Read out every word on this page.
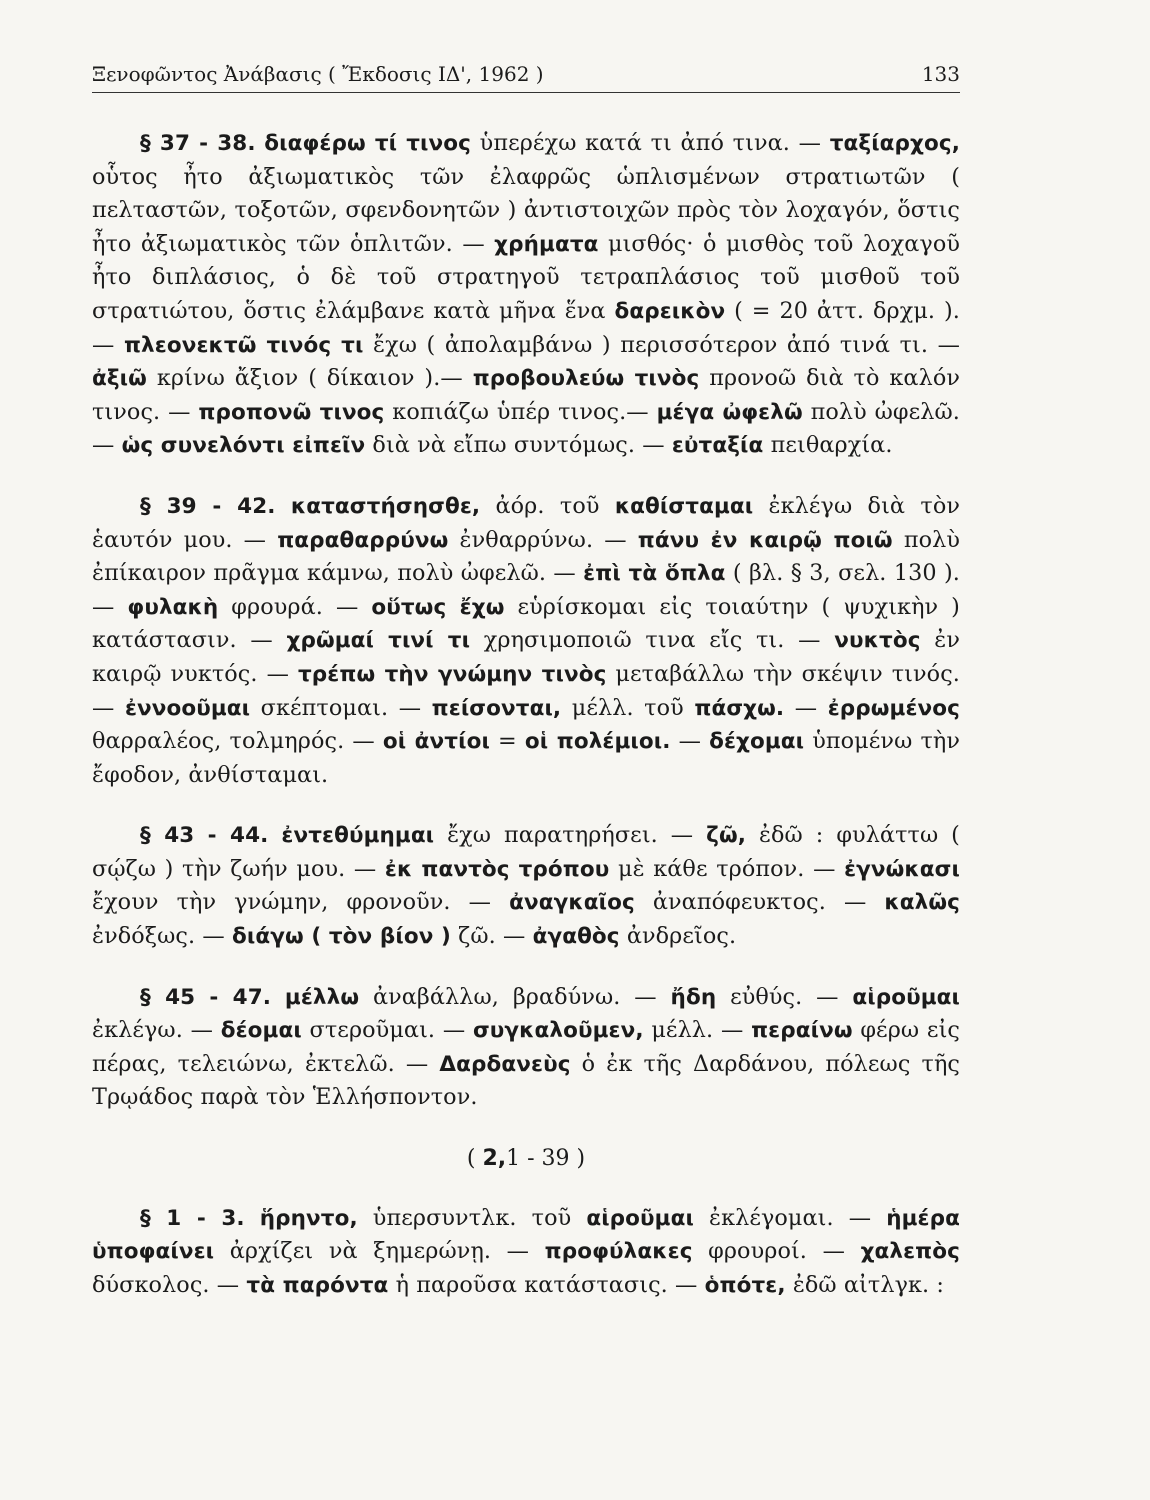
Ξενοφῶντος Ἀνάβασις ( Ἔκδοσις ΙΔ', 1962 )	133

§ 37 - 38. διαφέρω τί τινος ὑπερέχω κατά τι ἀπό τινα. — ταξίαρχος, οὗτος ἦτο ἀξιωματικὸς τῶν ἐλαφρῶς ὡπλισμένων στρατιωτῶν ( πελταστῶν, τοξοτῶν, σφενδονητῶν ) ἀντιστοιχῶν πρὸς τὸν λοχαγόν, ὅστις ἦτο ἀξιωματικὸς τῶν ὁπλιτῶν. — χρήματα μισθός· ὁ μισθὸς τοῦ λοχαγοῦ ἦτο διπλάσιος, ὁ δὲ τοῦ στρατηγοῦ τετραπλάσιος τοῦ μισθοῦ τοῦ στρατιώτου, ὅστις ἐλάμβανε κατὰ μῆνα ἕνα δαρεικὸν ( = 20 ἀττ. δρχμ. ). — πλεονεκτῶ τινός τι ἔχω ( ἀπολαμβάνω ) περισσότερον ἀπό τινά τι. — ἀξιῶ κρίνω ἄξιον ( δίκαιον ).— προβουλεύω τινὸς προνοῶ διὰ τὸ καλόν τινος. — προπονῶ τινος κοπιάζω ὑπέρ τινος.— μέγα ὠφελῶ πολὺ ὠφελῶ. — ὡς συνελόντι εἰπεῖν διὰ νὰ εἴπω συντόμως. — εὐταξία πειθαρχία.

§ 39 - 42. καταστήσησθε, ἀόρ. τοῦ καθίσταμαι ἐκλέγω διὰ τὸν ἑαυτόν μου. — παραθαρρύνω ἐνθαρρύνω. — πάνυ ἐν καιρῷ ποιῶ πολὺ ἐπίκαιρον πρᾶγμα κάμνω, πολὺ ὠφελῶ. — ἐπὶ τὰ ὅπλα ( βλ. § 3, σελ. 130 ). — φυλακὴ φρουρά. — οὕτως ἔχω εὑρίσκομαι εἰς τοιαύτην ( ψυχικὴν ) κατάστασιν. — χρῶμαί τινί τι χρησιμοποιῶ τινα εἴς τι. — νυκτὸς ἐν καιρῷ νυκτός. — τρέπω τὴν γνώμην τινὸς μεταβάλλω τὴν σκέψιν τινός. — ἐννοοῦμαι σκέπτομαι. — πείσονται, μέλλ. τοῦ πάσχω. — ἐρρωμένος θαρραλέος, τολμηρός. — οἱ ἀντίοι = οἱ πολέμιοι. — δέχομαι ὑπομένω τὴν ἔφοδον, ἀνθίσταμαι.

§ 43 - 44. ἐντεθύμημαι ἔχω παρατηρήσει. — ζῶ, ἐδῶ : φυλάττω ( σῴζω ) τὴν ζωήν μου. — ἐκ παντὸς τρόπου μὲ κάθε τρόπον. — ἐγνώκασι ἔχουν τὴν γνώμην, φρονοῦν. — ἀναγκαῖος ἀναπόφευκτος. — καλῶς ἐνδόξως. — διάγω ( τὸν βίον ) ζῶ. — ἀγαθὸς ἀνδρεῖος.

§ 45 - 47. μέλλω ἀναβάλλω, βραδύνω. — ἤδη εὐθύς. — αἱροῦμαι ἐκλέγω. — δέομαι στεροῦμαι. — συγκαλοῦμεν, μέλλ. — περαίνω φέρω εἰς πέρας, τελειώνω, ἐκτελῶ. — Δαρδανεὺς ὁ ἐκ τῆς Δαρδάνου, πόλεως τῆς Τρῳάδος παρὰ τὸν Ἑλλήσποντον.

( 2,1 - 39 )

§ 1 - 3. ἥρηντο, ὑπερσυντλκ. τοῦ αἱροῦμαι ἐκλέγομαι. — ἡμέρα ὑποφαίνει ἀρχίζει νὰ ξημερώνῃ. — προφύλακες φρουροί. — χαλεπὸς δύσκολος. — τὰ παρόντα ἡ παροῦσα κατάστασις. — ὁπότε, ἐδῶ αἰτλγκ. :
